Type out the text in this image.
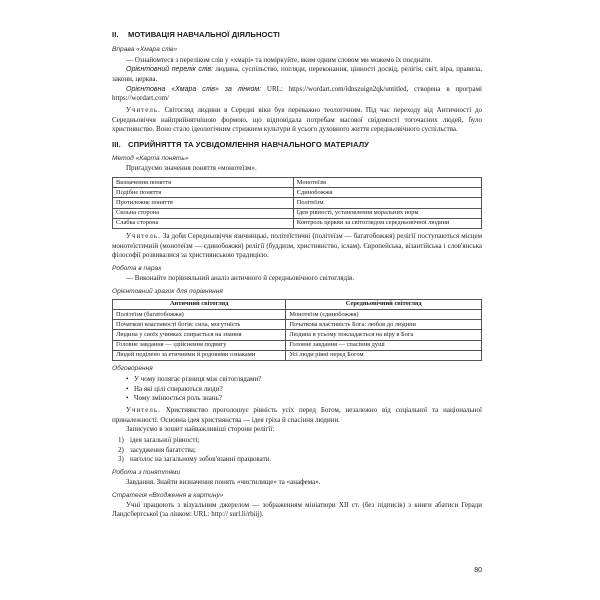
II. МОТИВАЦІЯ НАВЧАЛЬНОЇ ДІЯЛЬНОСТІ
Вправа «Хмара слів»

— Ознайомтеся з переліком слів у «хмарі» та поміркуйте, яким одним словом ми можемо їх поєднати.

Орієнтовний перелік слів: людина, суспільство, погляди, переконання, цінності досвід, релігія, світ, віра, правила, закони, церква.

Орієнтовна «Хмара слів» за лінком: URL: https://wordart.com/idnszuign2qk/untitled, створена в програмі https://wordart.com/

Учитель. Світогляд людини в Середні віки був переважно теологічним. Під час переходу від Античності до Середньовіччя найприйнятнішою формою, що відповідала потребам масової свідомості тогочасних людей, було християнство. Воно стало ідеологічним стрижнем культури й усього духовного життя середньовічного суспільства.

III. СПРИЙНЯТТЯ ТА УСВІДОМЛЕННЯ НАВЧАЛЬНОГО МАТЕРІАЛУ
Метод «Карта понять»

Пригадуємо значення поняття «монотеїзм».

Визначення поняття	Монотеїзм
Подібне поняття	Єдинобожжя
Протилежне поняття	Політеїзм
Сильна сторона	Ідея рівності, установлення моральних норм
Слабка сторона	Контроль церкви за світоглядом середньовічної людини

Учитель. За доби Середньовіччя язичницькі, політеїстичні (політеїзм — багатобожжя) релігії поступаються місцем монотеїстичній (монотеїзм — єдинобожжя) релігії (буддизм, християнство, іслам). Європейська, візантійська і слов'янська філософії розвивалися за християнською традицією.

Робота в парах

— Виконайте порівняльний аналіз античного й середньовічного світоглядів.

Орієнтовний зразок для порівняння
Античний світогляд	Середньовічний світогляд
Політеїзм (багатобожжя)	Монотеїзм (єдинобожжя)
Початкові властивості богів: сила, могутність	Початкова властивість Бога: любов до людини
Людина у своїх учинках спирається на знання	Людина в усьому покладається на віру в Бога
Головне завдання — здійснення подвигу	Головне завдання — спасіння душі
Людей поділено за етичними й родовими ознаками	Усі люди рівні перед Богом
Обговорення
• У чому полягає різниця між світоглядами?
• На які цілі спираються люди?
• Чому змінюється роль знань?

Учитель. Християнство проголошує рівність усіх перед Богом, незалежно від соціальної та національної приналежності. Основна ідея християнства — ідея гріха й спасіння людини.

Записуємо в зошит найважливіші сторони релігії:

1) ідея загальної рівності;
2) засудження багатства;
3) наголос на загальному зобов'язанні працювати.
Робота з поняттями

Завдання. Знайти визначення понять «чистилище» та «анафема».

Стратегія «Входження в картину»

Учні працюють з візуальним джерелом — зображенням мініатюри XII ст. (без підписів) з книги абатиси Геради Ландсбергської (за лінком: URL: http:// surl.li/rbiij).

80
